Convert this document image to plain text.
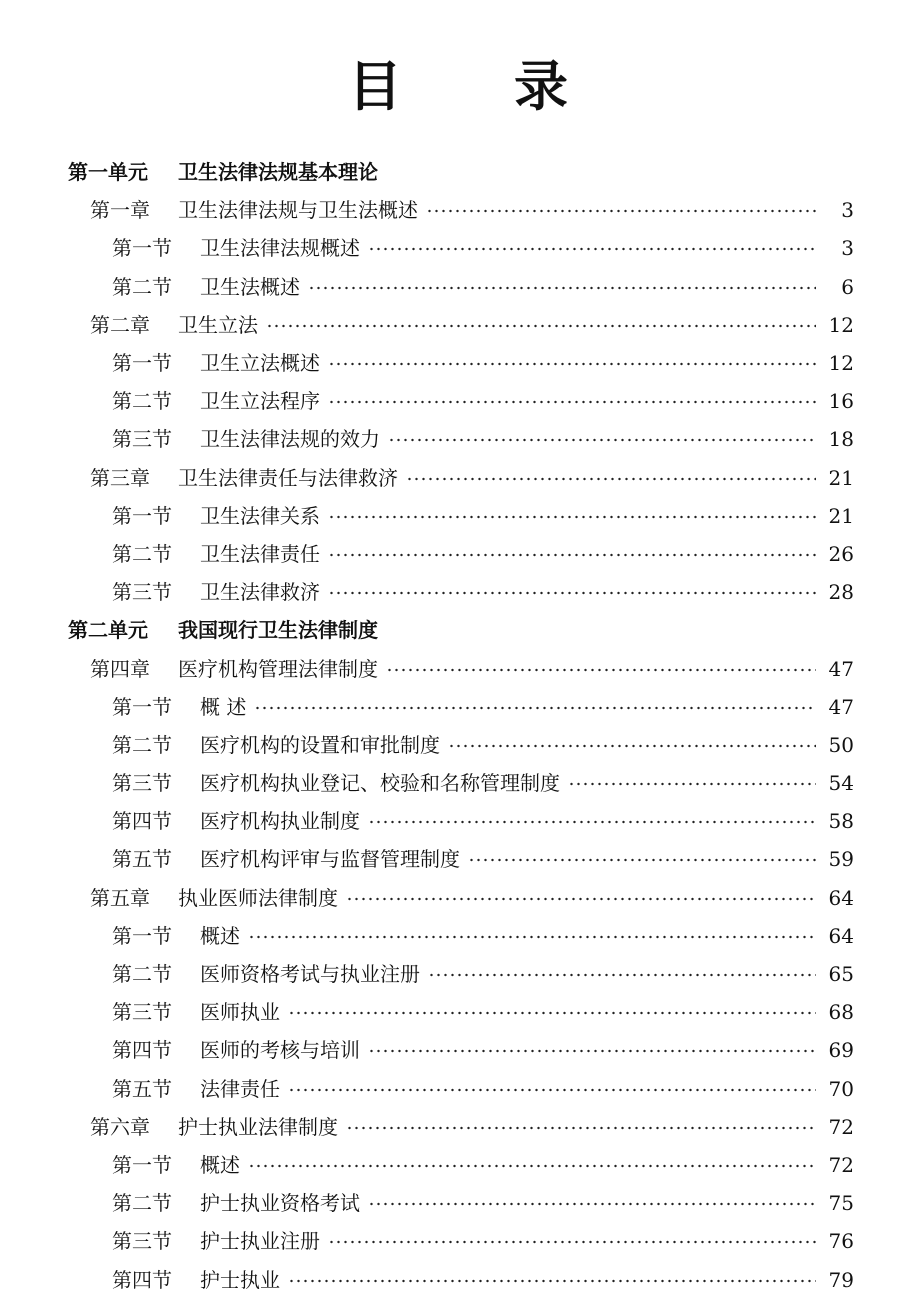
目 录
第一单元	卫生法律法规基本理论
第一章	卫生法律法规与卫生法概述	3
第一节	卫生法律法规概述	3
第二节	卫生法概述	6
第二章	卫生立法	12
第一节	卫生立法概述	12
第二节	卫生立法程序	16
第三节	卫生法律法规的效力	18
第三章	卫生法律责任与法律救济	21
第一节	卫生法律关系	21
第二节	卫生法律责任	26
第三节	卫生法律救济	28
第二单元	我国现行卫生法律制度
第四章	医疗机构管理法律制度	47
第一节	概 述	47
第二节	医疗机构的设置和审批制度	50
第三节	医疗机构执业登记、校验和名称管理制度	54
第四节	医疗机构执业制度	58
第五节	医疗机构评审与监督管理制度	59
第五章	执业医师法律制度	64
第一节	概述	64
第二节	医师资格考试与执业注册	65
第三节	医师执业	68
第四节	医师的考核与培训	69
第五节	法律责任	70
第六章	护士执业法律制度	72
第一节	概述	72
第二节	护士执业资格考试	75
第三节	护士执业注册	76
第四节	护士执业	79
